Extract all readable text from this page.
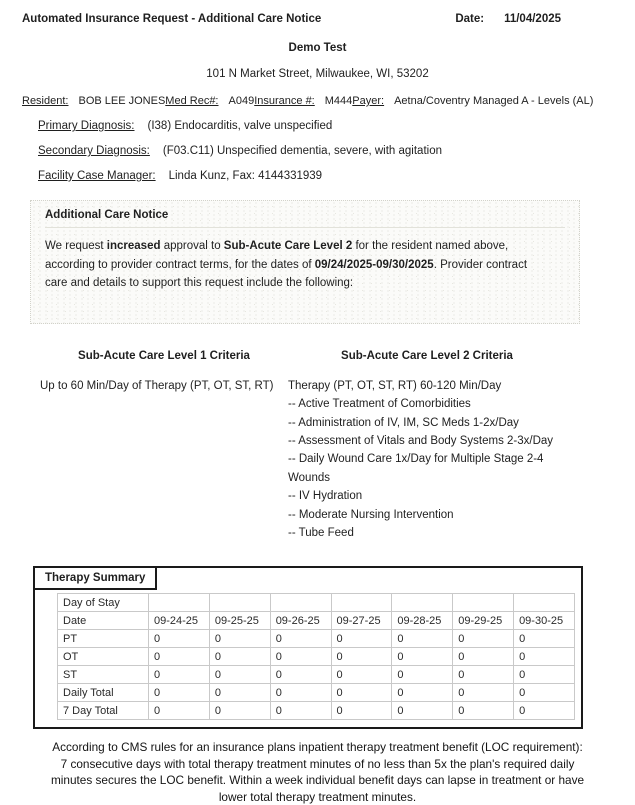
Automated Insurance Request - Additional Care Notice	Date: 11/04/2025
Demo Test
101 N Market Street, Milwaukee, WI, 53202
Resident: BOB LEE JONES Med Rec#: A049 Insurance #: M444 Payer: Aetna/Coventry Managed A - Levels (AL)
Primary Diagnosis: (I38) Endocarditis, valve unspecified
Secondary Diagnosis: (F03.C11) Unspecified dementia, severe, with agitation
Facility Case Manager: Linda Kunz, Fax: 4144331939
Additional Care Notice
We request increased approval to Sub-Acute Care Level 2 for the resident named above, according to provider contract terms, for the dates of 09/24/2025-09/30/2025. Provider contract care and details to support this request include the following:
Sub-Acute Care Level 1 Criteria
Up to 60 Min/Day of Therapy (PT, OT, ST, RT)
Sub-Acute Care Level 2 Criteria
Therapy (PT, OT, ST, RT) 60-120 Min/Day
-- Active Treatment of Comorbidities
-- Administration of IV, IM, SC Meds 1-2x/Day
-- Assessment of Vitals and Body Systems 2-3x/Day
-- Daily Wound Care 1x/Day for Multiple Stage 2-4 Wounds
-- IV Hydration
-- Moderate Nursing Intervention
-- Tube Feed
Therapy Summary
Day of Stay							
Date	09-24-25	09-25-25	09-26-25	09-27-25	09-28-25	09-29-25	09-30-25
PT	0	0	0	0	0	0	0
OT	0	0	0	0	0	0	0
ST	0	0	0	0	0	0	0
Daily Total	0	0	0	0	0	0	0
7 Day Total	0	0	0	0	0	0	0
According to CMS rules for an insurance plans inpatient therapy treatment benefit (LOC requirement):
7 consecutive days with total therapy treatment minutes of no less than 5x the plan's required daily
minutes secures the LOC benefit. Within a week individual benefit days can lapse in treatment or have
lower total therapy treatment minutes.
